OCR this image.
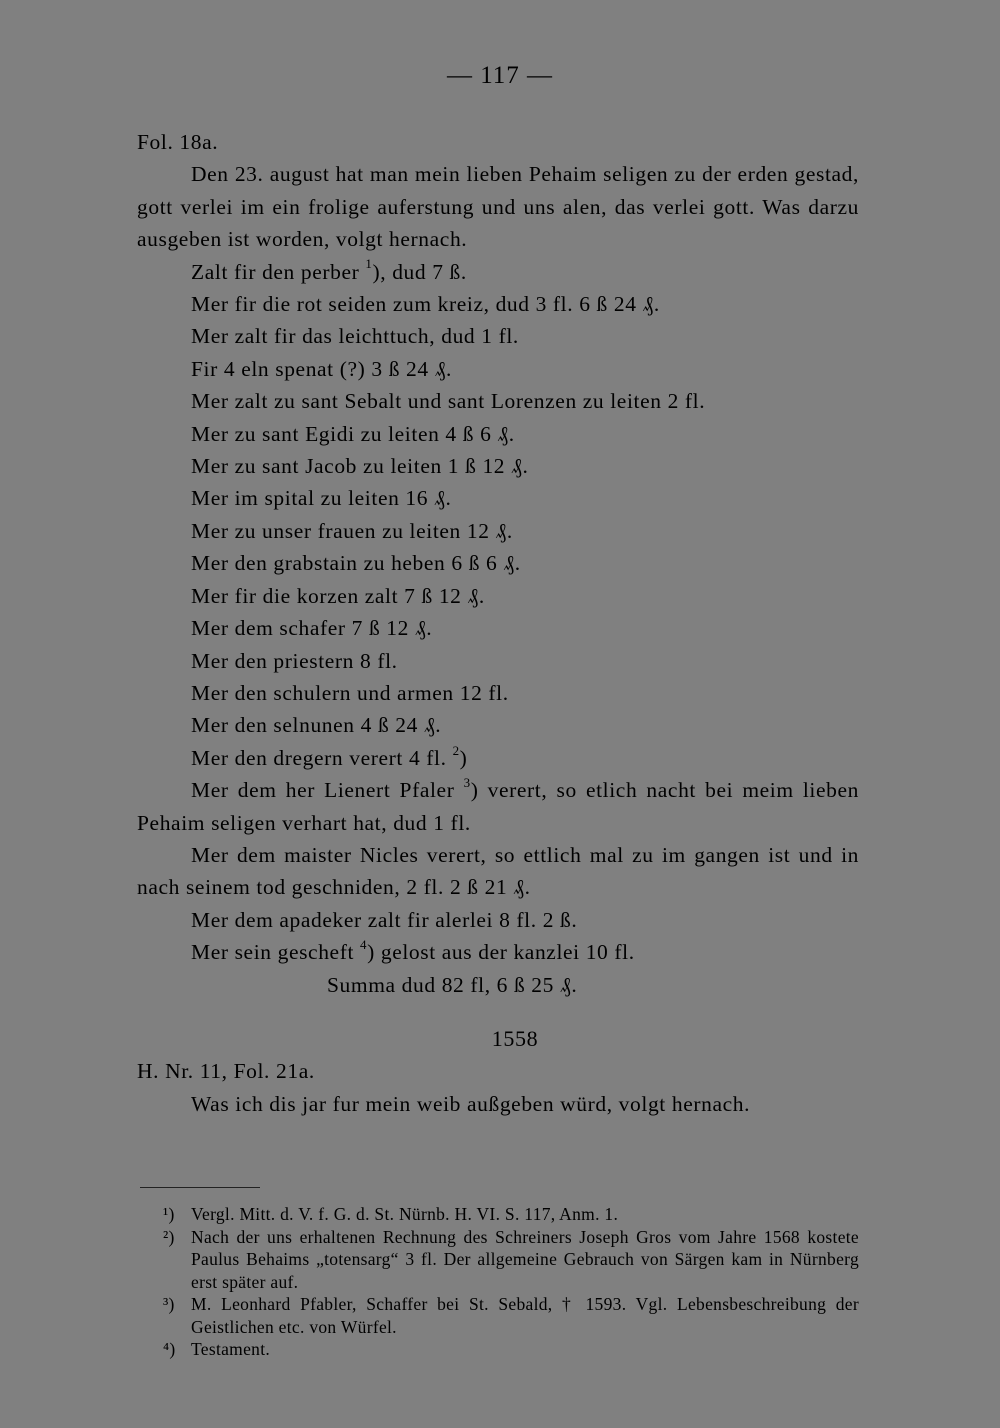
— 117 —

Fol. 18a.

Den 23. august hat man mein lieben Pehaim seligen zu der erden gestad, gott verlei im ein frolige auferstung und uns alen, das verlei gott. Was darzu ausgeben ist worden, volgt hernach.

Zalt fir den perber $^1$), dud 7 ß.

Mer fir die rot seiden zum kreiz, dud 3 fl. 6 ß 24 ₰.

Mer zalt fir das leichttuch, dud 1 fl.

Fir 4 eln spenat (?) 3 ß 24 ₰.

Mer zalt zu sant Sebalt und sant Lorenzen zu leiten 2 fl.

Mer zu sant Egidi zu leiten 4 ß 6 ₰.

Mer zu sant Jacob zu leiten 1 ß 12 ₰.

Mer im spital zu leiten 16 ₰.

Mer zu unser frauen zu leiten 12 ₰.

Mer den grabstain zu heben 6 ß 6 ₰.

Mer fir die korzen zalt 7 ß 12 ₰.

Mer dem schafer 7 ß 12 ₰.

Mer den priestern 8 fl.

Mer den schulern und armen 12 fl.

Mer den selnunen 4 ß 24 ₰.

Mer den dregern verert 4 fl. $^2$)

Mer dem her Lienert Pfaler $^3$) verert, so etlich nacht bei meim lieben Pehaim seligen verhart hat, dud 1 fl.

Mer dem maister Nicles verert, so ettlich mal zu im gangen ist und in nach seinem tod geschniden, 2 fl. 2 ß 21 ₰.

Mer dem apadeker zalt fir alerlei 8 fl. 2 ß.

Mer sein gescheft $^4$) gelost aus der kanzlei 10 fl.

Summa dud 82 fl, 6 ß 25 ₰.

1558

H. Nr. 11, Fol. 21a.

Was ich dis jar fur mein weib außgeben würd, volgt hernach.

¹) Vergl. Mitt. d. V. f. G. d. St. Nürnb. H. VI. S. 117, Anm. 1.

²) Nach der uns erhaltenen Rechnung des Schreiners Joseph Gros vom Jahre 1568 kostete Paulus Behaims „totensarg“ 3 fl. Der allgemeine Gebrauch von Särgen kam in Nürnberg erst später auf.

³) M. Leonhard Pfabler, Schaffer bei St. Sebald, † 1593. Vgl. Lebensbeschreibung der Geistlichen etc. von Würfel.

⁴) Testament.
